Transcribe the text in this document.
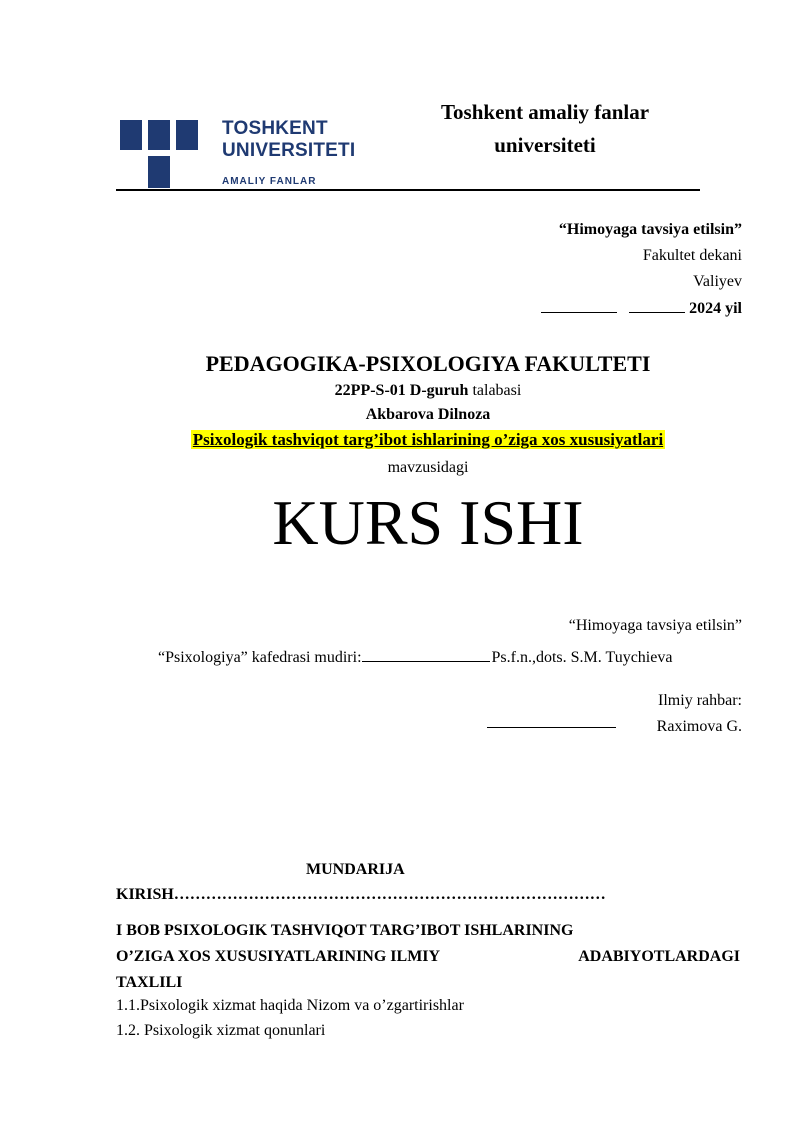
TOSHKENT
UNIVERSITETI
AMALIY FANLAR
Toshkent amaliy fanlar
universiteti
“Himoyaga tavsiya etilsin”
Fakultet dekani
Valiyev
2024 yil
PEDAGOGIKA-PSIXOLOGIYA FAKULTETI
22PP-S-01 D-guruh talabasi
Akbarova Dilnoza
Psixologik tashviqot targ’ibot ishlarining o’ziga xos xususiyatlari
mavzusidagi
KURS ISHI
“Himoyaga tavsiya etilsin”
“Psixologiya” kafedrasi mudiri:	Ps.f.n.,dots. S.M. Tuychieva
Ilmiy rahbar:
Raximova G.
MUNDARIJA
KIRISH………………………………………………………………………
I BOB PSIXOLOGIK TASHVIQOT TARG’IBOT ISHLARINING
O’ZIGA XOS XUSUSIYATLARINING ILMIY	ADABIYOTLARDAGI
TAXLILI
1.1.Psixologik xizmat haqida Nizom va o’zgartirishlar
1.2. Psixologik xizmat qonunlari
